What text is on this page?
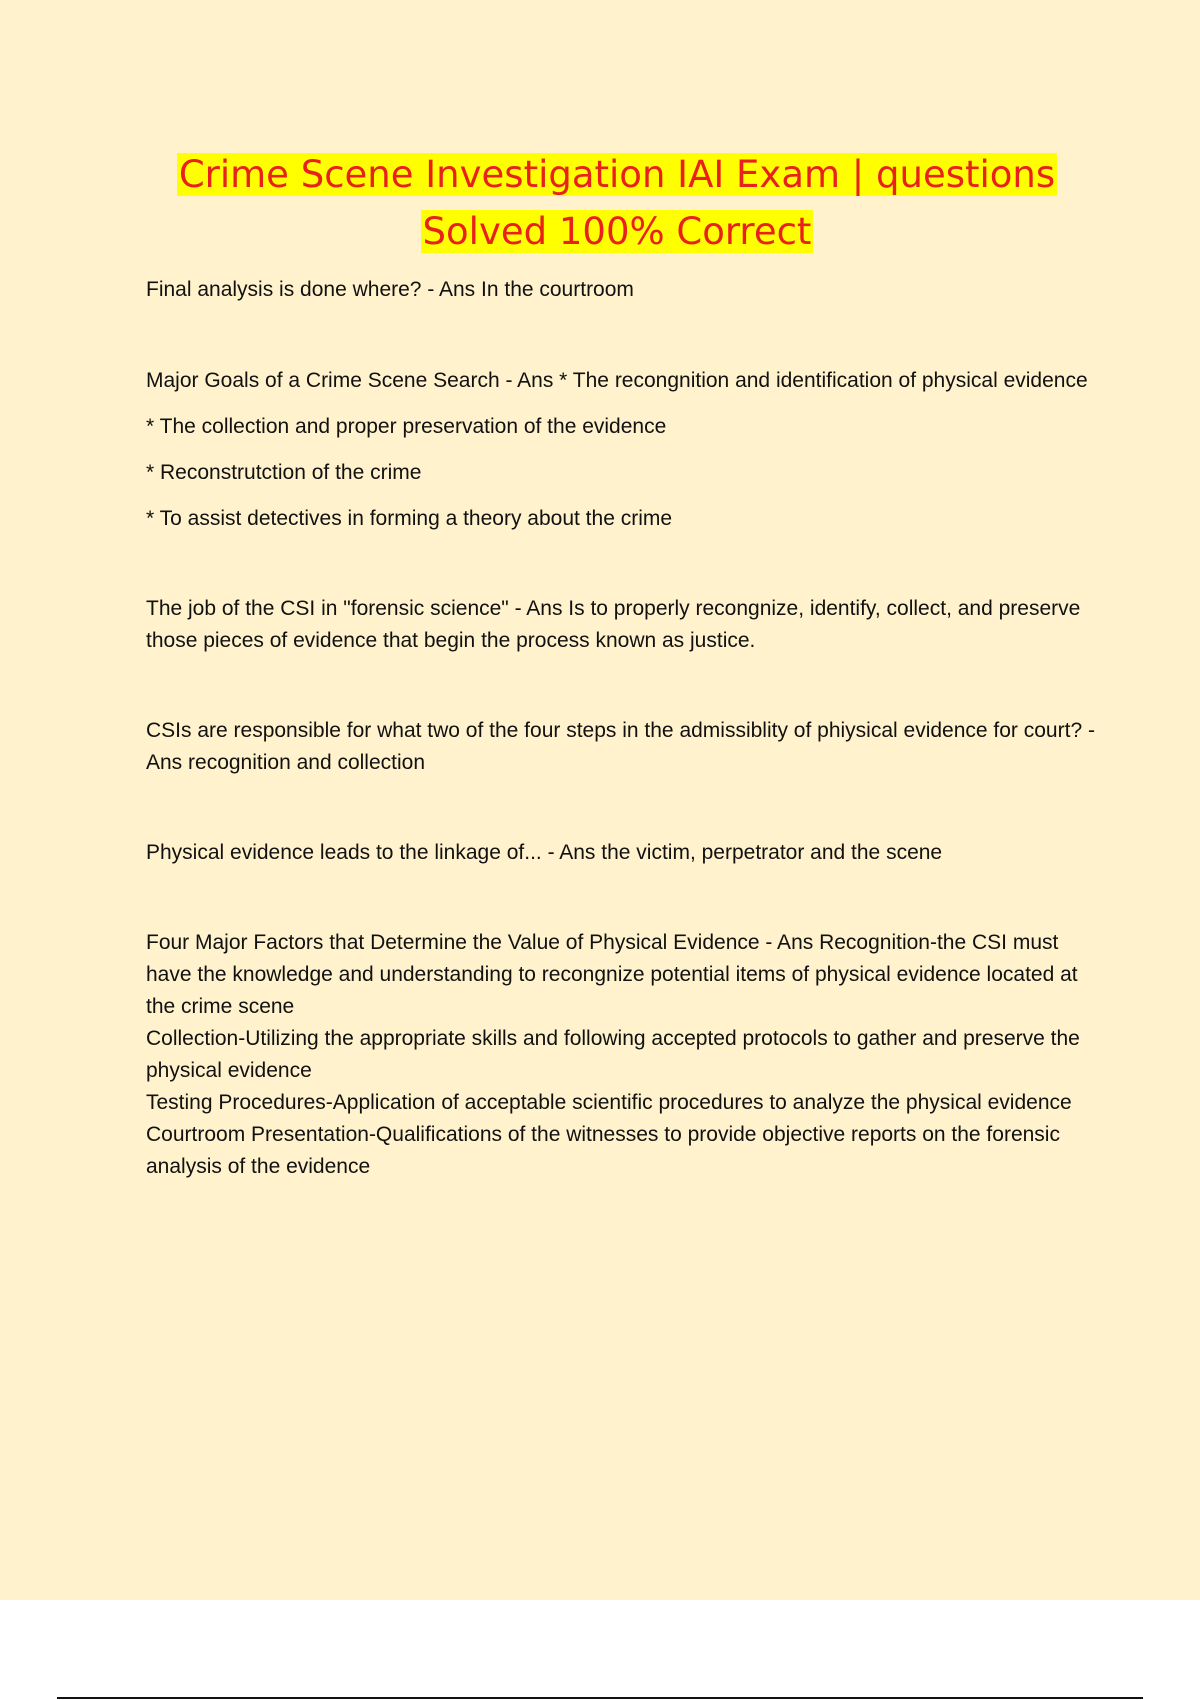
Crime Scene Investigation IAI Exam | questions
Solved 100% Correct

Final analysis is done where? - Ans In the courtroom

Major Goals of a Crime Scene Search - Ans * The recongnition and identification of physical evidence

* The collection and proper preservation of the evidence

* Reconstrutction of the crime

* To assist detectives in forming a theory about the crime

The job of the CSI in "forensic science" - Ans Is to properly recongnize, identify, collect, and preserve those pieces of evidence that begin the process known as justice.

CSIs are responsible for what two of the four steps in the admissiblity of phiysical evidence for court? - Ans recognition and collection

Physical evidence leads to the linkage of... - Ans the victim, perpetrator and the scene

Four Major Factors that Determine the Value of Physical Evidence - Ans Recognition-the CSI must have the knowledge and understanding to recongnize potential items of physical evidence located at the crime scene

Collection-Utilizing the appropriate skills and following accepted protocols to gather and preserve the physical evidence

Testing Procedures-Application of acceptable scientific procedures to analyze the physical evidence

Courtroom Presentation-Qualifications of the witnesses to provide objective reports on the forensic analysis of the evidence
